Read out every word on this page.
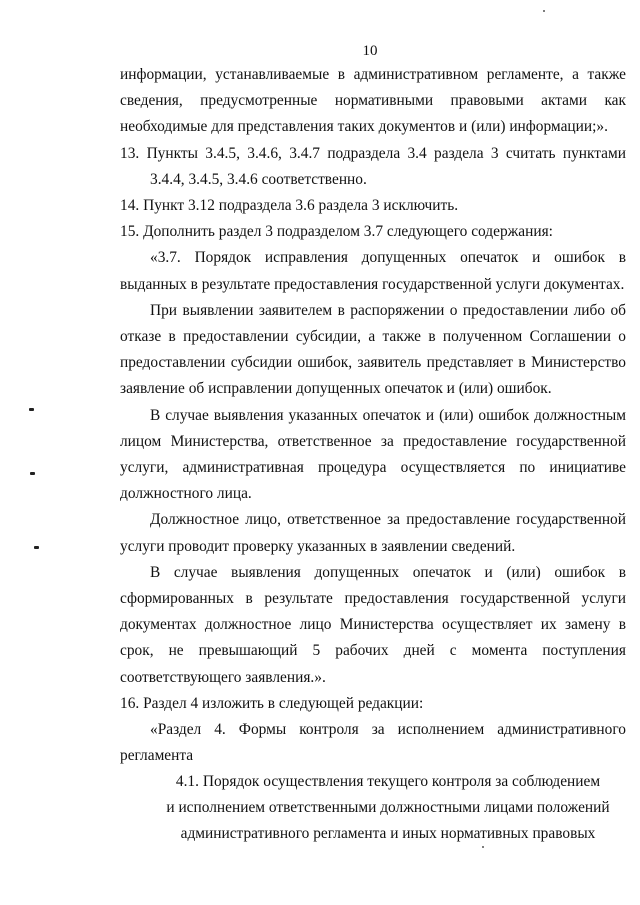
10

информации, устанавливаемые в административном регламенте, а также сведения, предусмотренные нормативными правовыми актами как необходимые для представления таких документов и (или) информации;».

13. Пункты 3.4.5, 3.4.6, 3.4.7 подраздела 3.4 раздела 3 считать пунктами 3.4.4, 3.4.5, 3.4.6 соответственно.

14. Пункт 3.12 подраздела 3.6 раздела 3 исключить.

15. Дополнить раздел 3 подразделом 3.7 следующего содержания:

«3.7. Порядок исправления допущенных опечаток и ошибок в выданных в результате предоставления государственной услуги документах.

При выявлении заявителем в распоряжении о предоставлении либо об отказе в предоставлении субсидии, а также в полученном Соглашении о предоставлении субсидии ошибок, заявитель представляет в Министерство заявление об исправлении допущенных опечаток и (или) ошибок.

В случае выявления указанных опечаток и (или) ошибок должностным лицом Министерства, ответственное за предоставление государственной услуги, административная процедура осуществляется по инициативе должностного лица.

Должностное лицо, ответственное за предоставление государственной услуги проводит проверку указанных в заявлении сведений.

В случае выявления допущенных опечаток и (или) ошибок в сформированных в результате предоставления государственной услуги документах должностное лицо Министерства осуществляет их замену в срок, не превышающий 5 рабочих дней с момента поступления соответствующего заявления.».

16. Раздел 4 изложить в следующей редакции:

«Раздел 4. Формы контроля за исполнением административного регламента

4.1. Порядок осуществления текущего контроля за соблюдением
и исполнением ответственными должностными лицами положений
административного регламента и иных нормативных правовых
